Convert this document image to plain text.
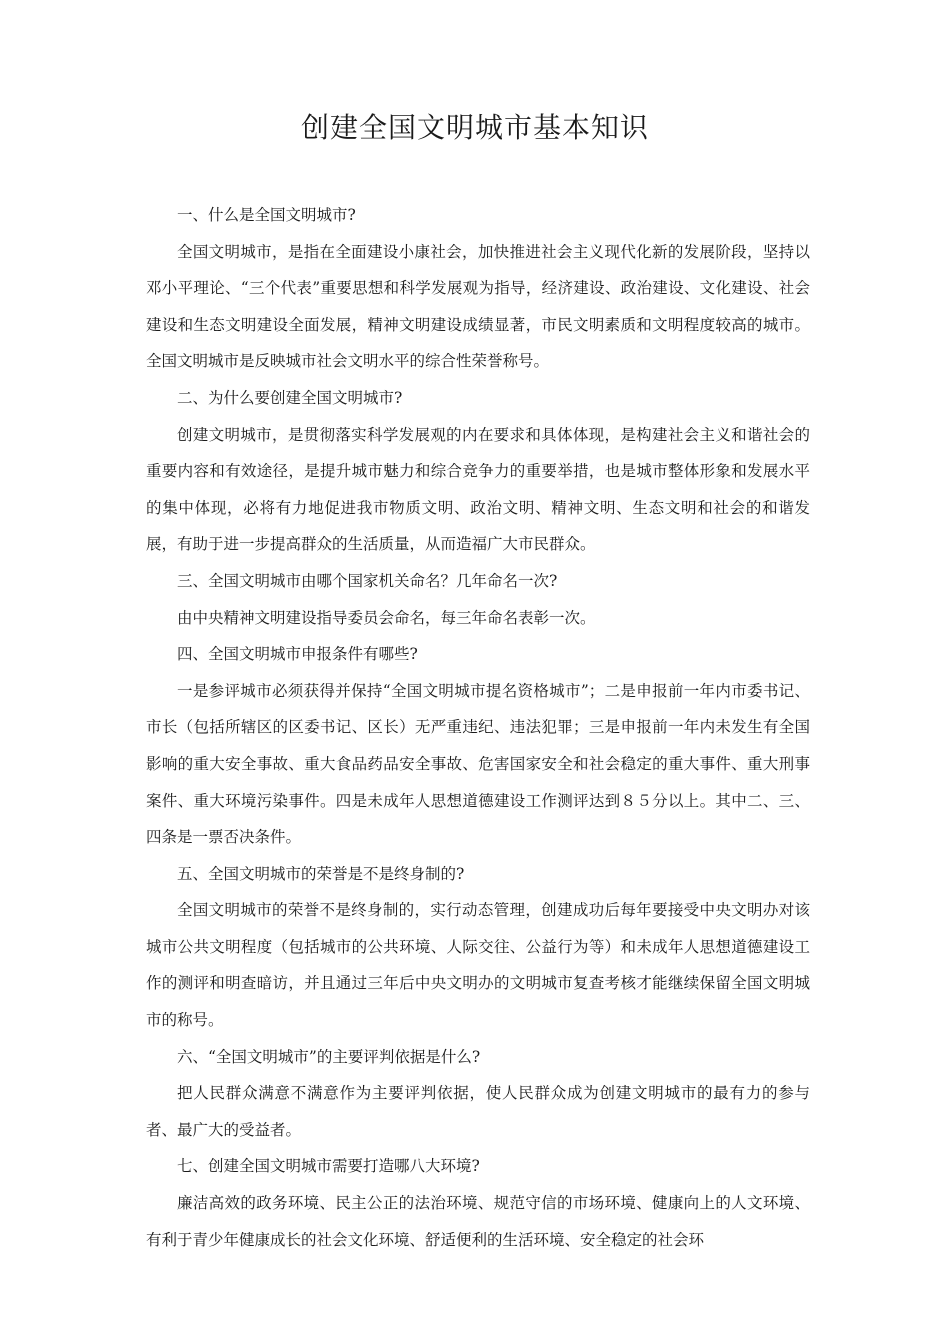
创建全国文明城市基本知识

一、什么是全国文明城市?

全国文明城市，是指在全面建设小康社会，加快推进社会主义现代化新的发展阶段，坚持以邓小平理论、“三个代表”重要思想和科学发展观为指导，经济建设、政治建设、文化建设、社会建设和生态文明建设全面发展，精神文明建设成绩显著，市民文明素质和文明程度较高的城市。全国文明城市是反映城市社会文明水平的综合性荣誉称号。

二、为什么要创建全国文明城市?

创建文明城市，是贯彻落实科学发展观的内在要求和具体体现，是构建社会主义和谐社会的重要内容和有效途径，是提升城市魅力和综合竞争力的重要举措，也是城市整体形象和发展水平的集中体现，必将有力地促进我市物质文明、政治文明、精神文明、生态文明和社会的和谐发展，有助于进一步提高群众的生活质量，从而造福广大市民群众。

三、全国文明城市由哪个国家机关命名？几年命名一次?

由中央精神文明建设指导委员会命名，每三年命名表彰一次。

四、全国文明城市申报条件有哪些?

一是参评城市必须获得并保持“全国文明城市提名资格城市”；二是申报前一年内市委书记、市长（包括所辖区的区委书记、区长）无严重违纪、违法犯罪；三是申报前一年内未发生有全国影响的重大安全事故、重大食品药品安全事故、危害国家安全和社会稳定的重大事件、重大刑事案件、重大环境污染事件。四是未成年人思想道德建设工作测评达到８５分以上。其中二、三、四条是一票否决条件。

五、全国文明城市的荣誉是不是终身制的?

全国文明城市的荣誉不是终身制的，实行动态管理，创建成功后每年要接受中央文明办对该城市公共文明程度（包括城市的公共环境、人际交往、公益行为等）和未成年人思想道德建设工作的测评和明查暗访，并且通过三年后中央文明办的文明城市复查考核才能继续保留全国文明城市的称号。

六、“全国文明城市”的主要评判依据是什么?

把人民群众满意不满意作为主要评判依据，使人民群众成为创建文明城市的最有力的参与者、最广大的受益者。

七、创建全国文明城市需要打造哪八大环境?

廉洁高效的政务环境、民主公正的法治环境、规范守信的市场环境、健康向上的人文环境、有利于青少年健康成长的社会文化环境、舒适便利的生活环境、安全稳定的社会环
